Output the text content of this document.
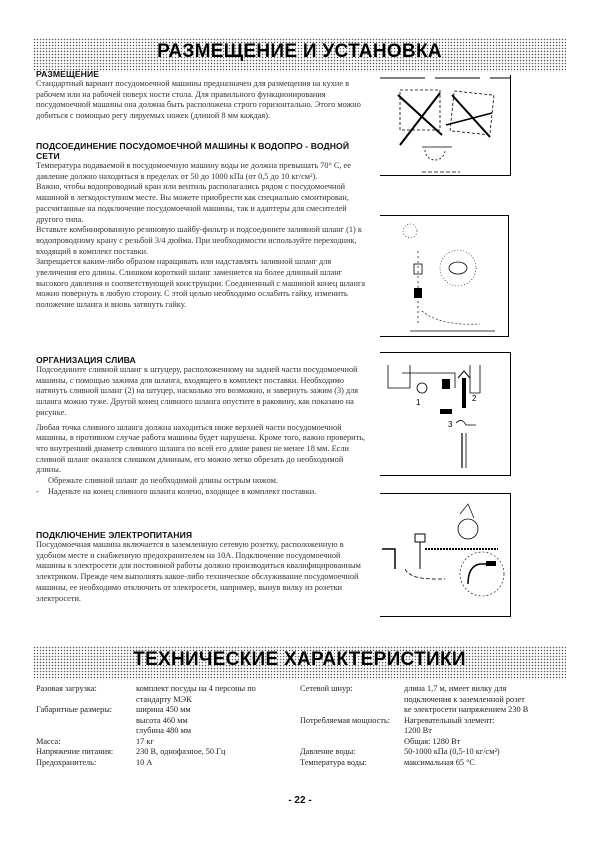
РАЗМЕЩЕНИЕ И УСТАНОВКА

РАЗМЕЩЕНИЕ

Стандартный вариант посудомоечной машины предназначен для размещения на кухне в рабочем или на рабочей поверх ности стола. Для правильного функционирования посудомоечной машины она должна быть расположена строго горизонтально. Этого можно добиться с помощью регу лируемых ножек (длиной 8 мм каждая).

ПОДСОЕДИНЕНИЕ ПОСУДОМОЕЧНОЙ МАШИНЫ К ВОДОПРО - ВОДНОЙ СЕТИ

Температура подаваемой в посудомоечную машину воды не должна превышать 70° С, ее давление должно находиться в пределах от 50 до 1000 кПа (от 0,5 до 10 кг/см²).

Важно, чтобы водопроводный кран или вентиль располагались рядом с посудомоечной машиной в легкодоступном месте. Вы можете приобрести как специально смонтирован, рассчитанные на подключение посудомоечной машины, так и адаптеры для смесителей другого типа.

Вставьте комбинированную резиновую шайбу-фильтр и подсоедините заливной шланг (1) к водопроводному крану с резьбой 3/4 дюйма. При необходимости используйте переходник, входящий в комплект поставки.

Запрещается каким-либо образом наращивать или надставлять заливной шланг для увеличения его длины. Слишком короткий шланг заменяется на более длинный шланг высокого давления и соответствующей конструкции. Соединенный с машиной конец шланга можно повернуть в любую сторону. С этой целью необходимо ослабить гайку, изменить положение шланга и вновь затянуть гайку.

ОРГАНИЗАЦИЯ СЛИВА

Подсоедините сливной шланг к штуцеру, расположенному на задней части посудомоечной машины, с помощью зажима для шланга, входящего в комплект поставки. Необходимо натянуть сливной шланг (2) на штуцер, насколько это возможно, и завернуть зажим (3) для шланга можно туже. Другой конец сливного шланга опустите в раковину, как показано на рисунке.

Любая точка сливного шланга должна находиться ниже верхней части посудомоечной машины, в противном случае работа машины будет нарушена. Кроме того, важно проверить, что внутренний диаметр сливного шланга по всей его длине равен не менее 18 мм. Если сливной шланг оказался слишком длинным, его можно легко обрезать до необходимой длины.

Обрежьте сливной шланг до необходимой длины острым ножом.

- Наденьте на конец сливного шланга колено, входящее в комплект поставки.

ПОДКЛЮЧЕНИЕ ЭЛЕКТРОПИТАНИЯ

Посудомоечная машина включается в заземленную сетевую розетку, расположенную в удобном месте и снабженную предохранителем на 10А. Подключение посудомоечной машины к электросети для постоянной работы должно производиться квалифицированным электриком. Прежде чем выполнять какое-либо техническое обслуживание посудомоечной машины, ее необходимо отключить от электросети, например, вынув вилку из розетки электросети.

1	2
3
ТЕХНИЧЕСКИЕ ХАРАКТЕРИСТИКИ
Разовая загрузка:	комплект посуды на 4 персоны по
стандарту МЭК
Габаритные размеры:	ширина 450 мм
высота 460 мм
глубина 480 мм
Масса:	17 кг
Напряжение питания:	230 В, однофазное, 50 Гц
Предохранитель:	10 А
Сетевой шнур:	длина 1,7 м, имеет вилку для
подключения к заземленной розет
ке электросети напряжением 230 В
Потребляемая мощность:	Нагревательный элемент:
1200 Вт
Общая: 1280 Вт
Давление воды:	50-1000 кПа (0,5-10 кг/см²)
Температура воды:	максимальная 65 °С
- 22 -
